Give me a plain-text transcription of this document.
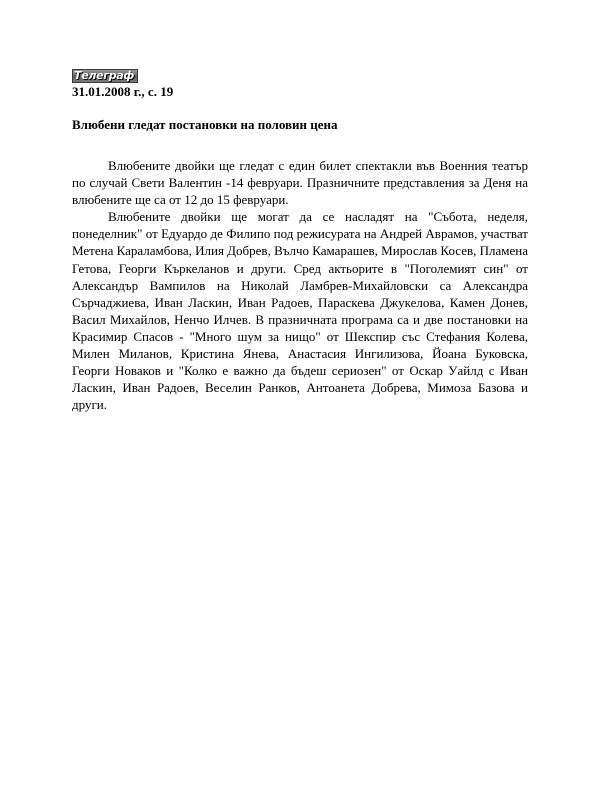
Телеграф
31.01.2008 г., с. 19
Влюбени гледат постановки на половин цена

Влюбените двойки ще гледат с един билет спектакли във Военния театър по случай Свети Валентин -14 февруари. Празничните представления за Деня на влюбените ще са от 12 до 15 февруари.

Влюбените двойки ще могат да се насладят на "Събота, неделя, понеделник" от Едуардо де Филипо под режисурата на Андрей Аврамов, участват Метена Караламбова, Илия Добрев, Вълчо Камарашев, Мирослав Косев, Пламена Гетова, Георги Къркеланов и други. Сред актьорите в "Поголемият син" от Александър Вампилов на Николай Ламбрев-Михайловски са Александра Сърчаджиева, Иван Ласкин, Иван Радоев, Параскева Джукелова, Камен Донев, Васил Михайлов, Ненчо Илчев. В празничната програма са и две постановки на Красимир Спасов - "Много шум за нищо" от Шекспир със Стефания Колева, Милен Миланов, Кристина Янева, Анастасия Ингилизова, Йоана Буковска, Георги Новаков и "Колко е важно да бъдеш сериозен" от Оскар Уайлд с Иван Ласкин, Иван Радоев, Веселин Ранков, Антоанета Добрева, Мимоза Базова и други.
